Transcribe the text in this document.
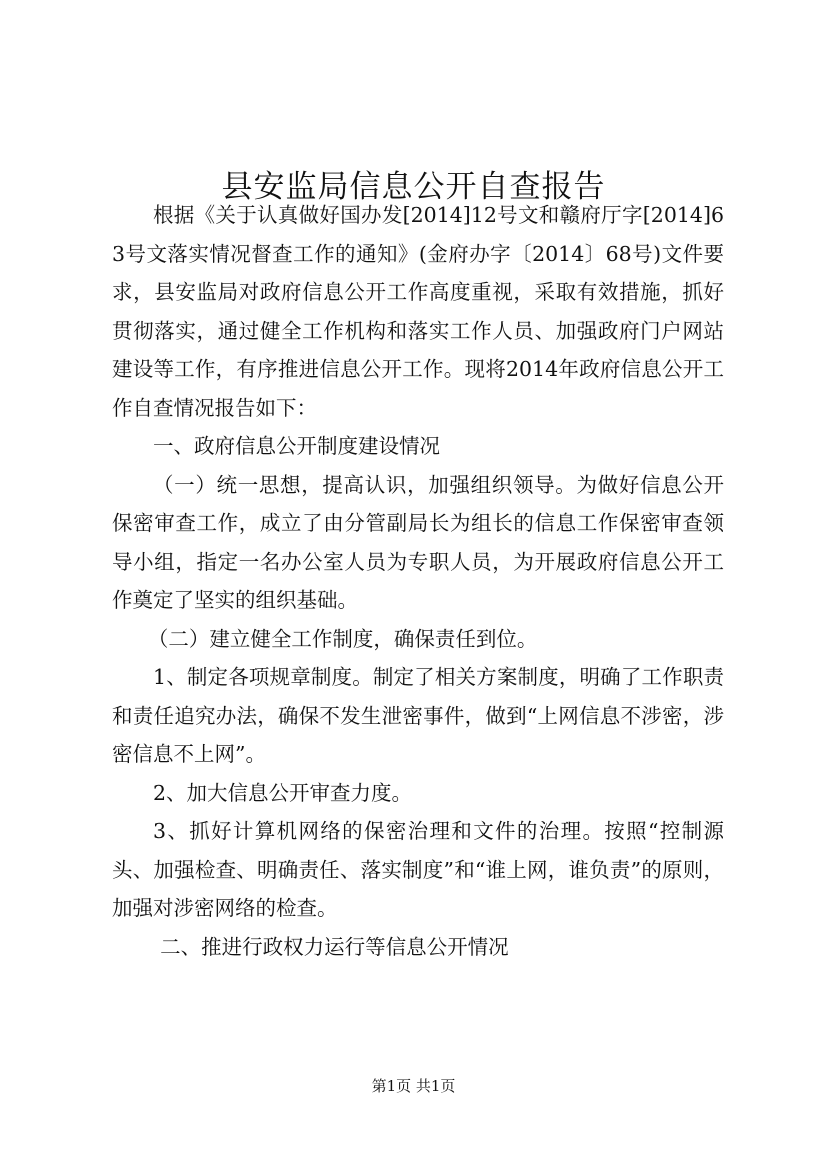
县安监局信息公开自查报告

根据《关于认真做好国办发[2014]12号文和赣府厅字[2014]63号文落实情况督查工作的通知》(金府办字〔2014〕68号)文件要求，县安监局对政府信息公开工作高度重视，采取有效措施，抓好贯彻落实，通过健全工作机构和落实工作人员、加强政府门户网站建设等工作，有序推进信息公开工作。现将2014年政府信息公开工作自查情况报告如下：

一、政府信息公开制度建设情况

（一）统一思想，提高认识，加强组织领导。为做好信息公开保密审查工作，成立了由分管副局长为组长的信息工作保密审查领导小组，指定一名办公室人员为专职人员，为开展政府信息公开工作奠定了坚实的组织基础。

（二）建立健全工作制度，确保责任到位。

1、制定各项规章制度。制定了相关方案制度，明确了工作职责和责任追究办法，确保不发生泄密事件，做到“上网信息不涉密，涉密信息不上网”。

2、加大信息公开审查力度。

3、抓好计算机网络的保密治理和文件的治理。按照“控制源头、加强检查、明确责任、落实制度”和“谁上网，谁负责”的原则，加强对涉密网络的检查。

二、推进行政权力运行等信息公开情况

第1页 共1页
